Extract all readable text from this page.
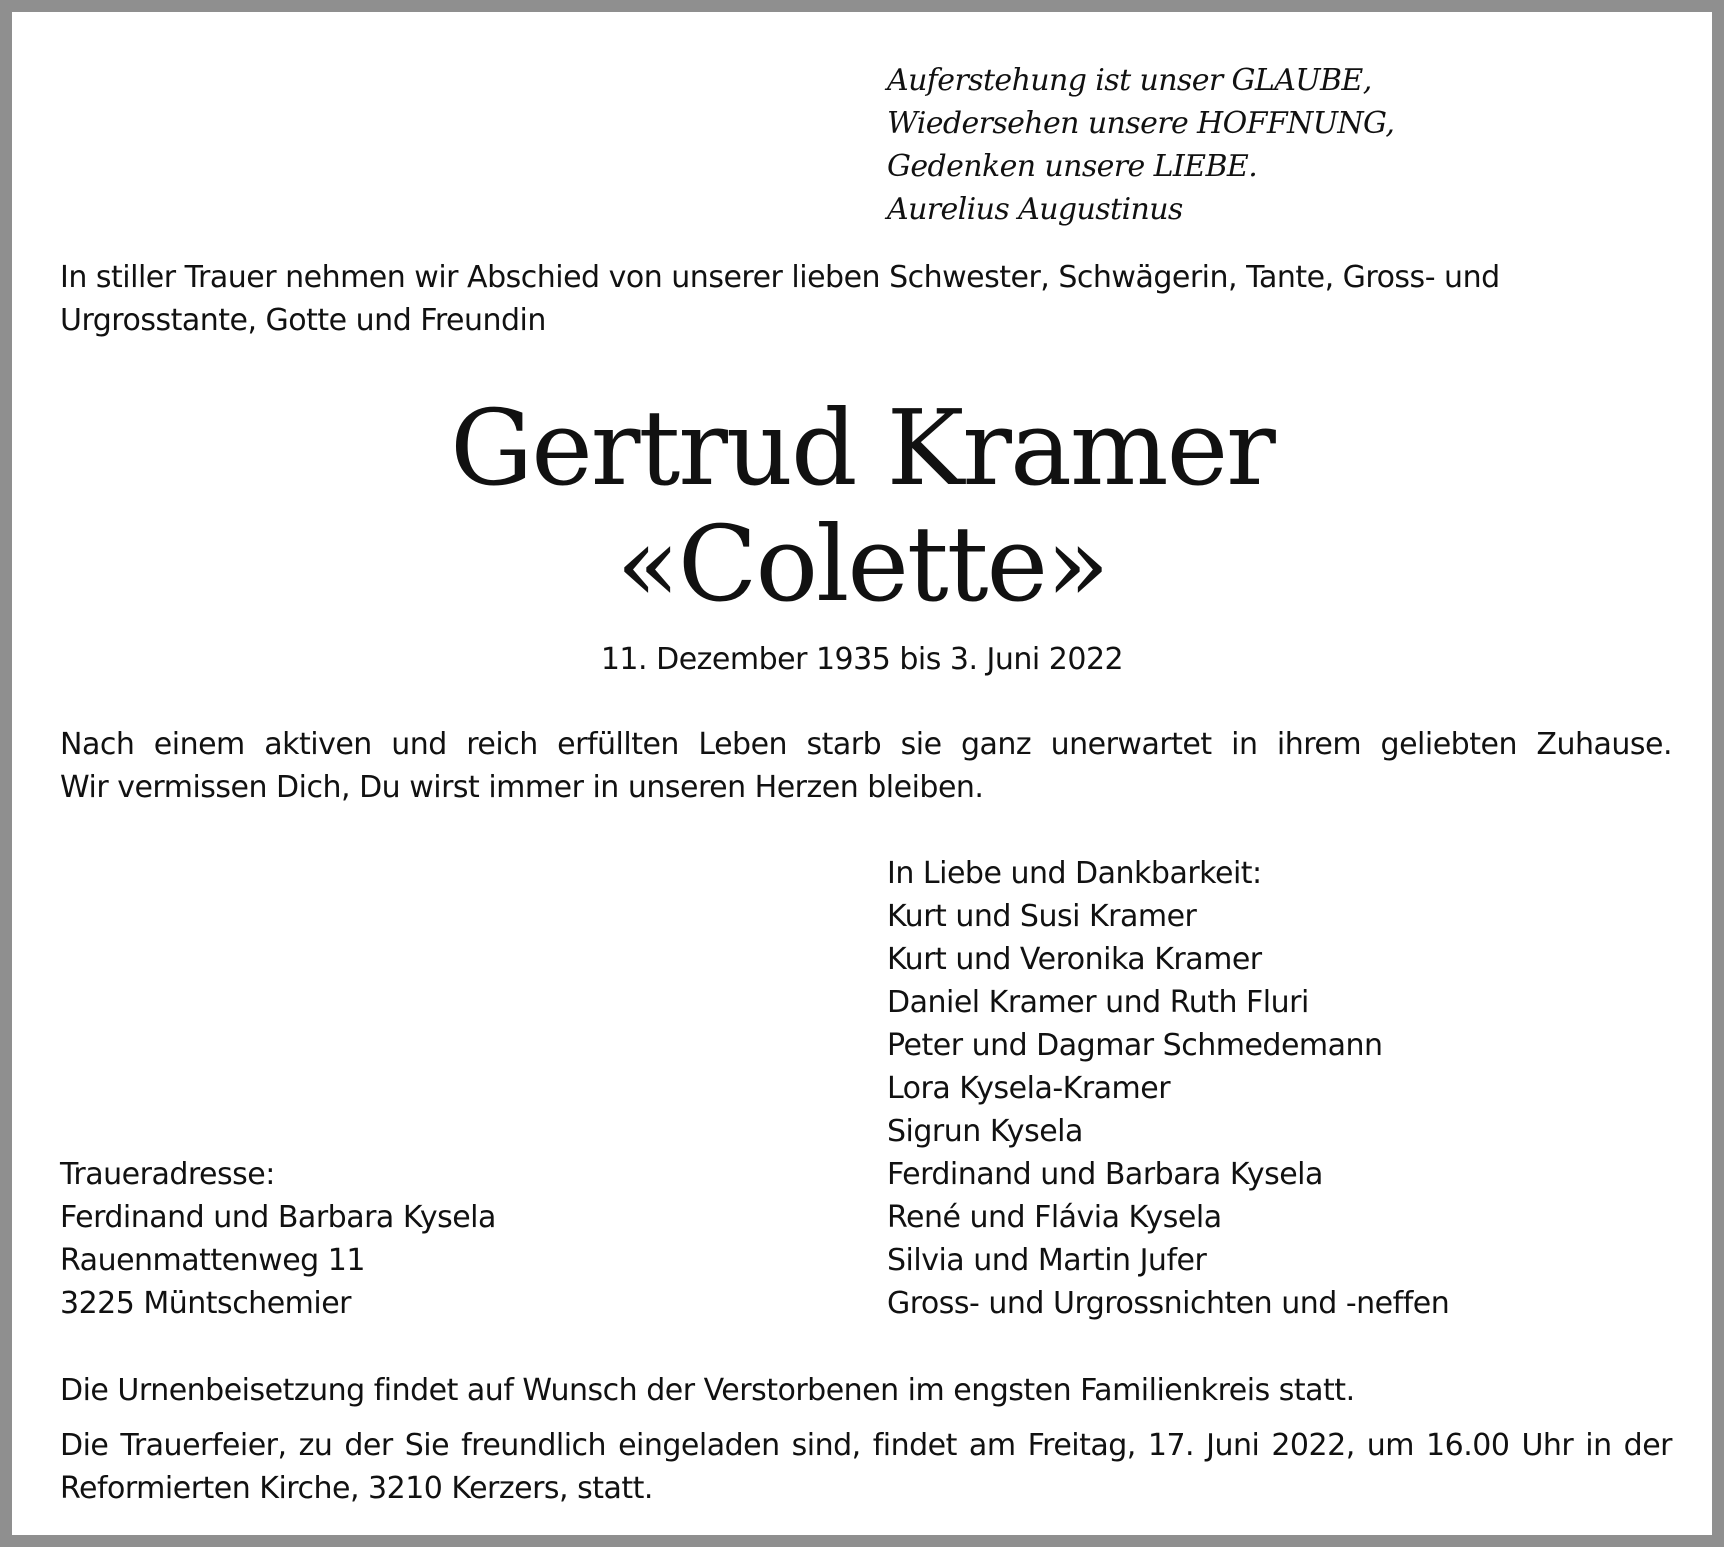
Auferstehung ist unser GLAUBE,
Wiedersehen unsere HOFFNUNG,
Gedenken unsere LIEBE.
Aurelius Augustinus
In stiller Trauer nehmen wir Abschied von unserer lieben Schwester, Schwägerin, Tante, Gross- und Urgrosstante, Gotte und Freundin
Gertrud Kramer
«Colette»
11. Dezember 1935 bis 3. Juni 2022
Nach einem aktiven und reich erfüllten Leben starb sie ganz unerwartet in ihrem geliebten Zuhause.
Wir vermissen Dich, Du wirst immer in unseren Herzen bleiben.
In Liebe und Dankbarkeit:
Kurt und Susi Kramer
Kurt und Veronika Kramer
Daniel Kramer und Ruth Fluri
Peter und Dagmar Schmedemann
Lora Kysela-Kramer
Sigrun Kysela
Ferdinand und Barbara Kysela
René und Flávia Kysela
Silvia und Martin Jufer
Gross- und Urgrossnichten und -neffen
Traueradresse:
Ferdinand und Barbara Kysela
Rauenmattenweg 11
3225 Müntschemier
Die Urnenbeisetzung findet auf Wunsch der Verstorbenen im engsten Familienkreis statt.
Die Trauerfeier, zu der Sie freundlich eingeladen sind, findet am Freitag, 17. Juni 2022, um 16.00 Uhr in der
Reformierten Kirche, 3210 Kerzers, statt.
